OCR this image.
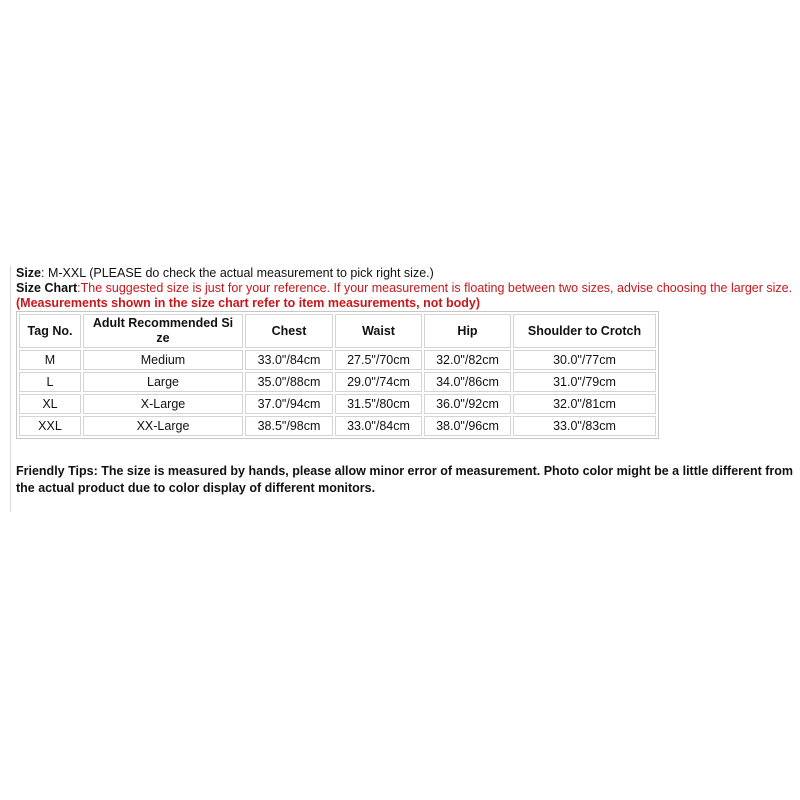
Size: M-XXL (PLEASE do check the actual measurement to pick right size.)
Size Chart:The suggested size is just for your reference. If your measurement is floating between two sizes, advise choosing the larger size. (Measurements shown in the size chart refer to item measurements, not body)
Tag No.	Adult Recommended Si ze	Chest	Waist	Hip	Shoulder to Crotch
M	Medium	33.0"/84cm	27.5"/70cm	32.0"/82cm	30.0"/77cm
L	Large	35.0"/88cm	29.0"/74cm	34.0"/86cm	31.0"/79cm
XL	X-Large	37.0"/94cm	31.5"/80cm	36.0"/92cm	32.0"/81cm
XXL	XX-Large	38.5"/98cm	33.0"/84cm	38.0"/96cm	33.0"/83cm
Friendly Tips: The size is measured by hands, please allow minor error of measurement. Photo color might be a little different from the actual product due to color display of different monitors.
